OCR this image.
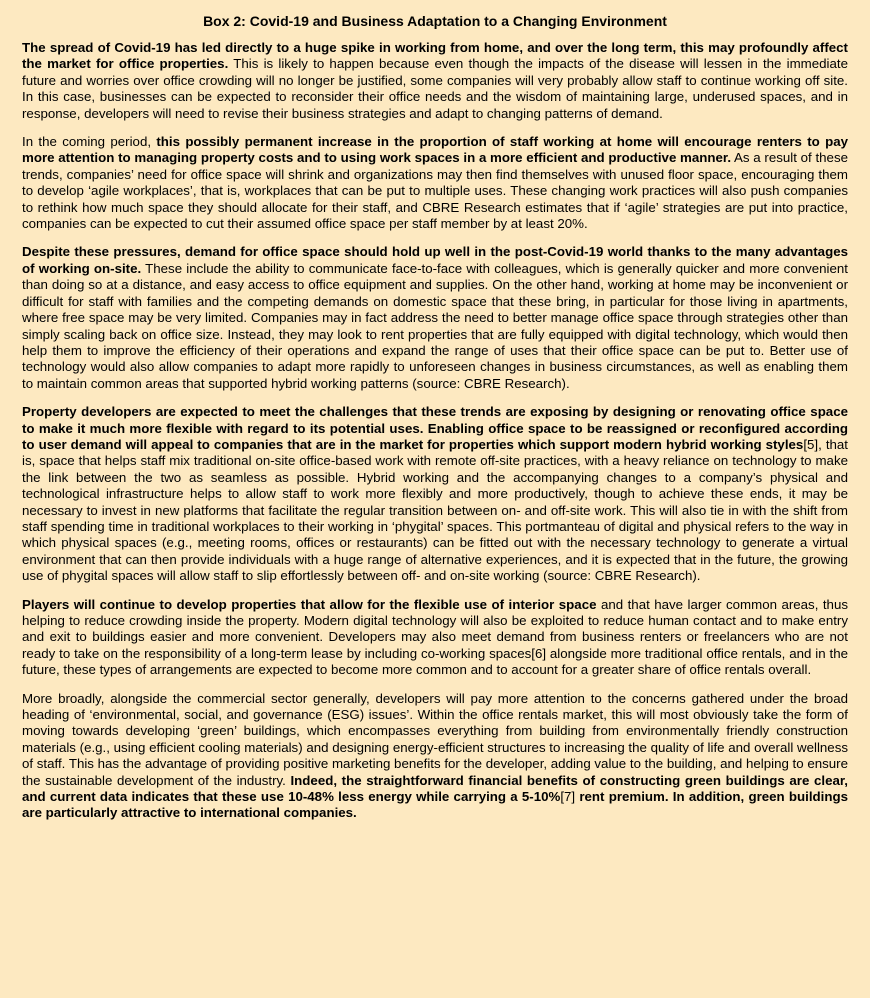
Box 2: Covid-19 and Business Adaptation to a Changing Environment

The spread of Covid-19 has led directly to a huge spike in working from home, and over the long term, this may profoundly affect the market for office properties. This is likely to happen because even though the impacts of the disease will lessen in the immediate future and worries over office crowding will no longer be justified, some companies will very probably allow staff to continue working off site. In this case, businesses can be expected to reconsider their office needs and the wisdom of maintaining large, underused spaces, and in response, developers will need to revise their business strategies and adapt to changing patterns of demand.

In the coming period, this possibly permanent increase in the proportion of staff working at home will encourage renters to pay more attention to managing property costs and to using work spaces in a more efficient and productive manner. As a result of these trends, companies’ need for office space will shrink and organizations may then find themselves with unused floor space, encouraging them to develop ‘agile workplaces’, that is, workplaces that can be put to multiple uses. These changing work practices will also push companies to rethink how much space they should allocate for their staff, and CBRE Research estimates that if ‘agile’ strategies are put into practice, companies can be expected to cut their assumed office space per staff member by at least 20%.

Despite these pressures, demand for office space should hold up well in the post-Covid-19 world thanks to the many advantages of working on-site. These include the ability to communicate face-to-face with colleagues, which is generally quicker and more convenient than doing so at a distance, and easy access to office equipment and supplies. On the other hand, working at home may be inconvenient or difficult for staff with families and the competing demands on domestic space that these bring, in particular for those living in apartments, where free space may be very limited. Companies may in fact address the need to better manage office space through strategies other than simply scaling back on office size. Instead, they may look to rent properties that are fully equipped with digital technology, which would then help them to improve the efficiency of their operations and expand the range of uses that their office space can be put to. Better use of technology would also allow companies to adapt more rapidly to unforeseen changes in business circumstances, as well as enabling them to maintain common areas that supported hybrid working patterns (source: CBRE Research).

Property developers are expected to meet the challenges that these trends are exposing by designing or renovating office space to make it much more flexible with regard to its potential uses. Enabling office space to be reassigned or reconfigured according to user demand will appeal to companies that are in the market for properties which support modern hybrid working styles[5], that is, space that helps staff mix traditional on-site office-based work with remote off-site practices, with a heavy reliance on technology to make the link between the two as seamless as possible. Hybrid working and the accompanying changes to a company’s physical and technological infrastructure helps to allow staff to work more flexibly and more productively, though to achieve these ends, it may be necessary to invest in new platforms that facilitate the regular transition between on- and off-site work. This will also tie in with the shift from staff spending time in traditional workplaces to their working in ‘phygital’ spaces. This portmanteau of digital and physical refers to the way in which physical spaces (e.g., meeting rooms, offices or restaurants) can be fitted out with the necessary technology to generate a virtual environment that can then provide individuals with a huge range of alternative experiences, and it is expected that in the future, the growing use of phygital spaces will allow staff to slip effortlessly between off- and on-site working (source: CBRE Research).

Players will continue to develop properties that allow for the flexible use of interior space and that have larger common areas, thus helping to reduce crowding inside the property. Modern digital technology will also be exploited to reduce human contact and to make entry and exit to buildings easier and more convenient. Developers may also meet demand from business renters or freelancers who are not ready to take on the responsibility of a long-term lease by including co-working spaces[6] alongside more traditional office rentals, and in the future, these types of arrangements are expected to become more common and to account for a greater share of office rentals overall.

More broadly, alongside the commercial sector generally, developers will pay more attention to the concerns gathered under the broad heading of ‘environmental, social, and governance (ESG) issues’. Within the office rentals market, this will most obviously take the form of moving towards developing ‘green’ buildings, which encompasses everything from building from environmentally friendly construction materials (e.g., using efficient cooling materials) and designing energy-efficient structures to increasing the quality of life and overall wellness of staff. This has the advantage of providing positive marketing benefits for the developer, adding value to the building, and helping to ensure the sustainable development of the industry. Indeed, the straightforward financial benefits of constructing green buildings are clear, and current data indicates that these use 10-48% less energy while carrying a 5-10%[7] rent premium. In addition, green buildings are particularly attractive to international companies.
